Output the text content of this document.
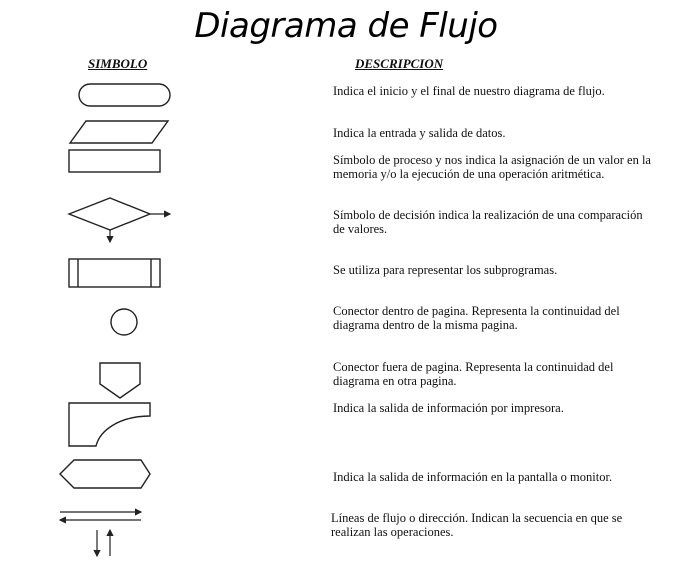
Diagrama de Flujo
SIMBOLO	DESCRIPCION
Indica el inicio y el final de nuestro diagrama de flujo.
Indica la entrada y salida de datos.
Símbolo de proceso y nos indica la asignación de un valor en la memoria y/o la ejecución de una operación aritmética.
Símbolo de decisión indica la realización de una comparación de valores.
Se utiliza para representar los subprogramas.
Conector dentro de pagina. Representa la continuidad del diagrama dentro de la misma pagina.
Conector fuera de pagina. Representa la continuidad del diagrama en otra pagina.
Indica la salida de información por impresora.
Indica la salida de información en la pantalla o monitor.
Líneas de flujo o dirección. Indican la secuencia en que se realizan las operaciones.
